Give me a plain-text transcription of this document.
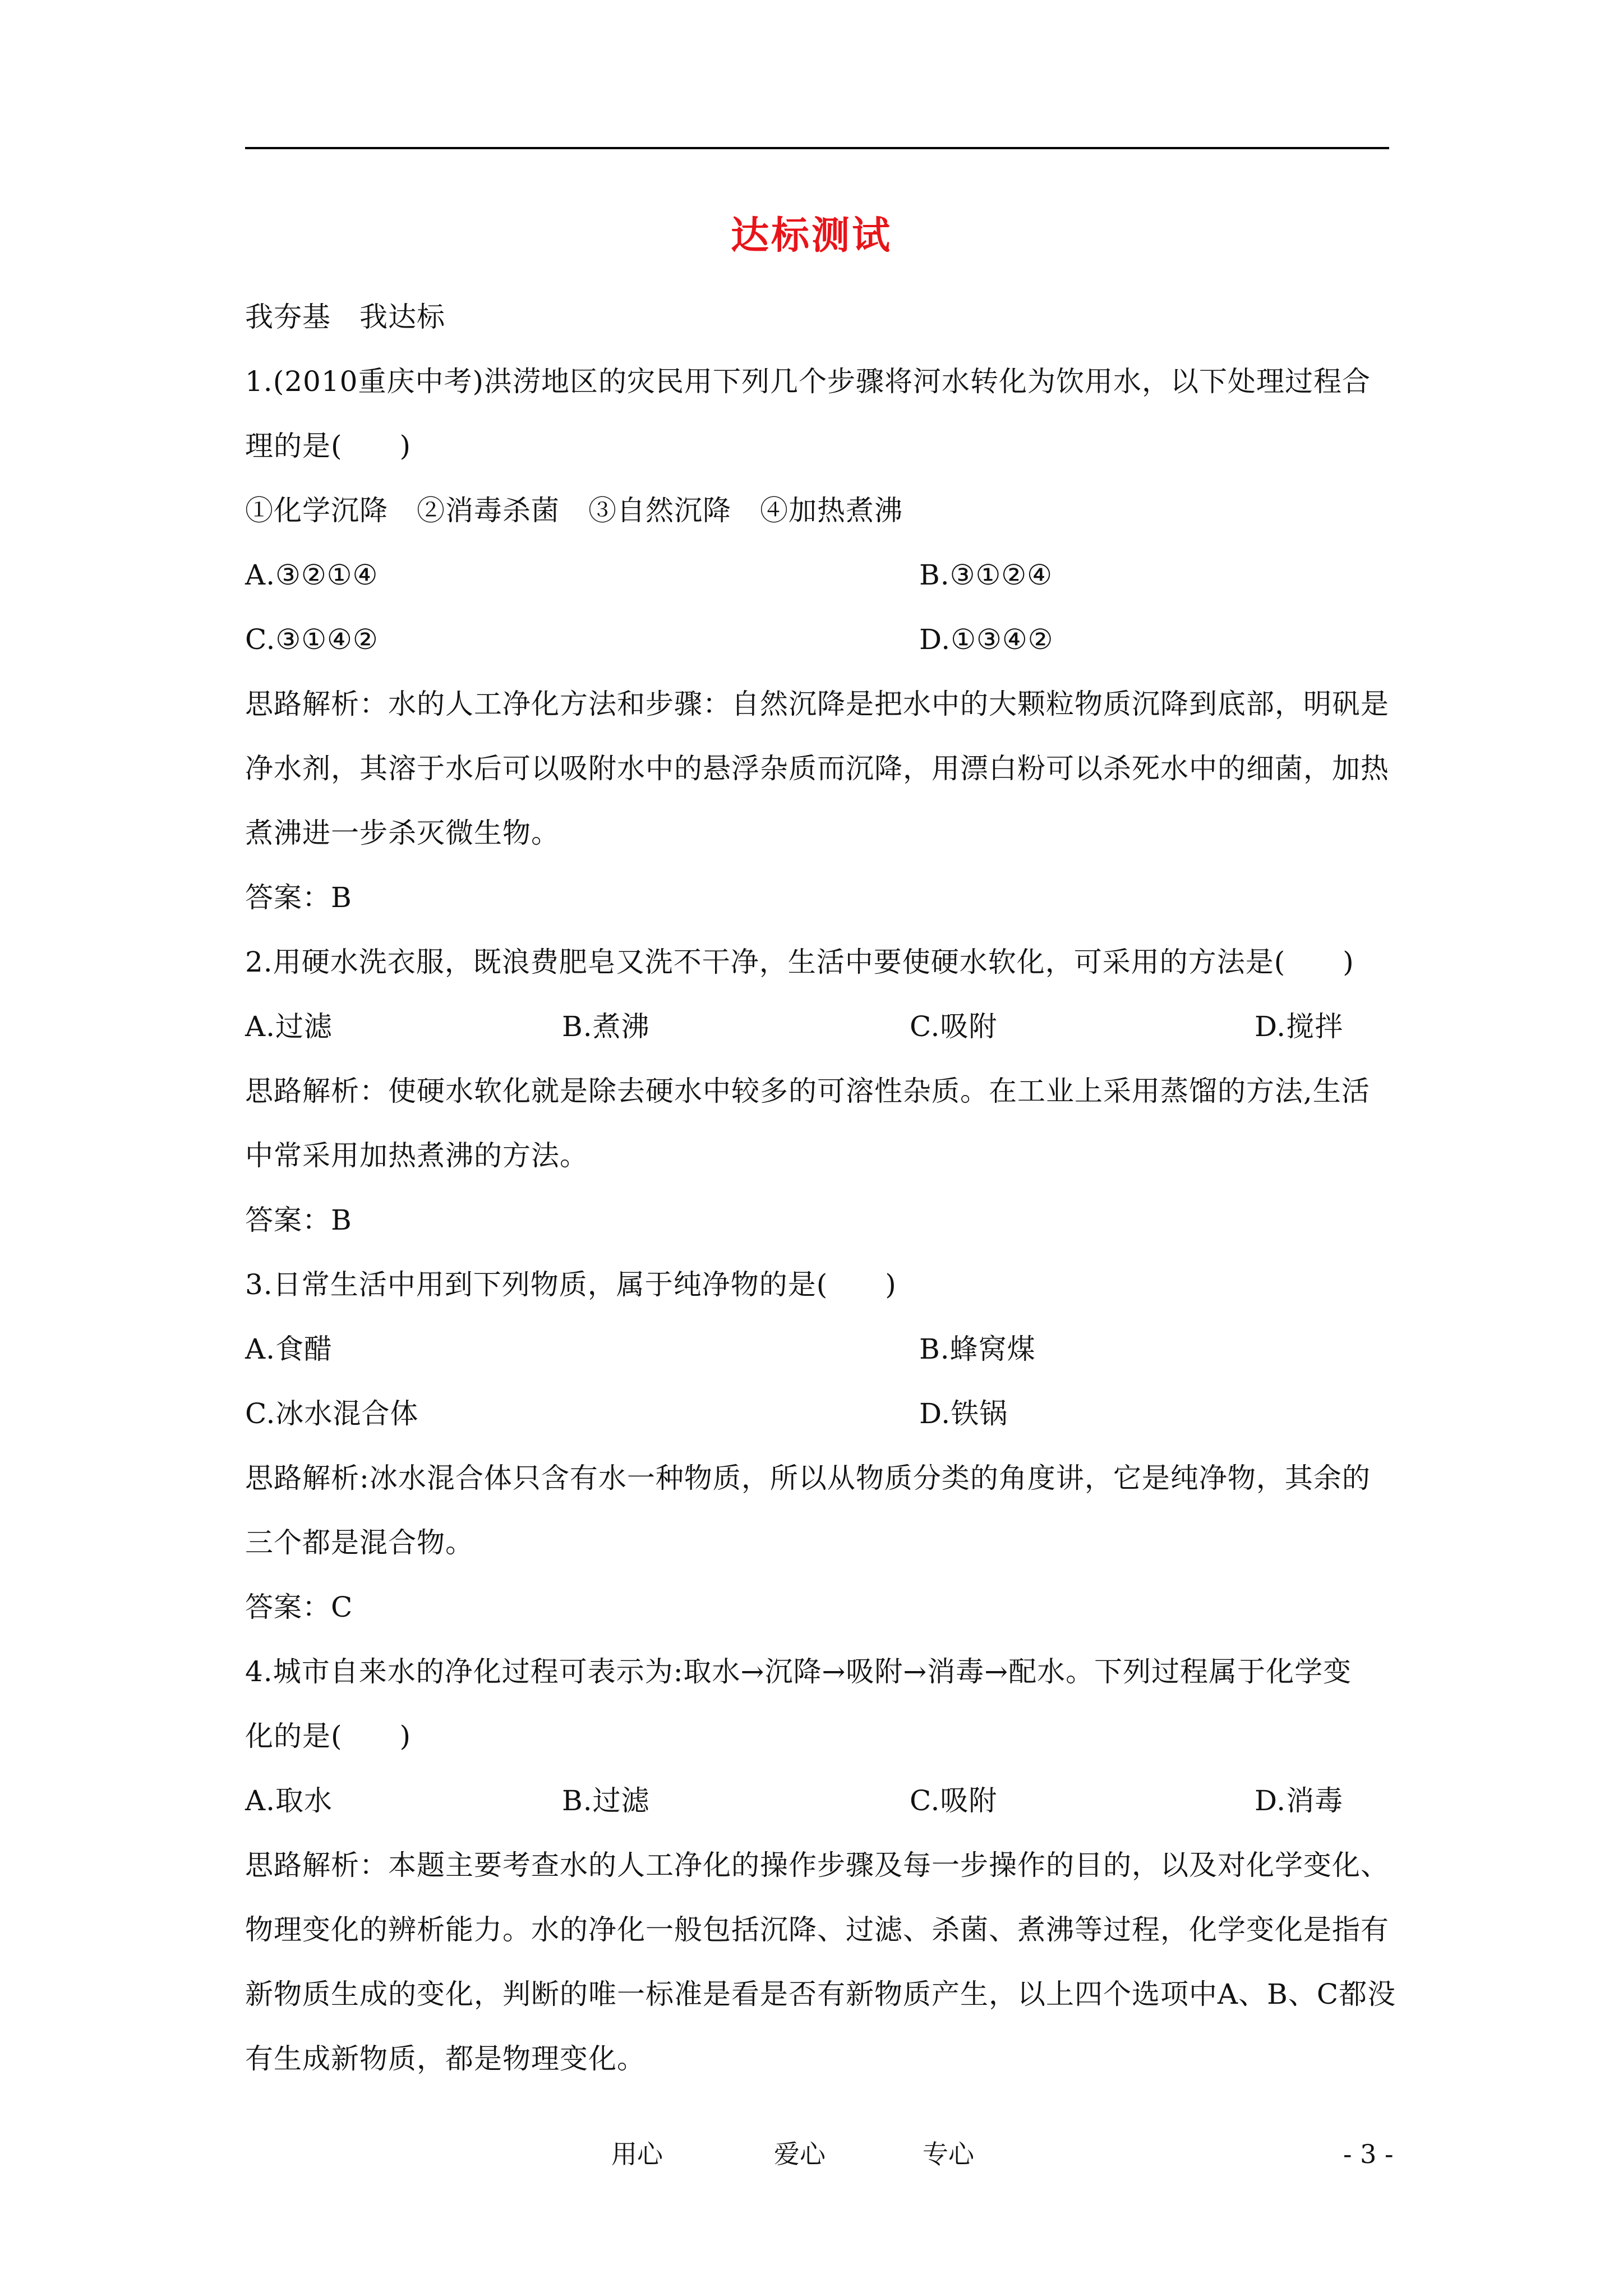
达标测试
我夯基　我达标
1.(2010重庆中考)洪涝地区的灾民用下列几个步骤将河水转化为饮用水，以下处理过程合
理的是(　　)
①化学沉降　②消毒杀菌　③自然沉降　④加热煮沸
A.③②①④	B.③①②④
C.③①④②	D.①③④②
思路解析：水的人工净化方法和步骤：自然沉降是把水中的大颗粒物质沉降到底部，明矾是
净水剂，其溶于水后可以吸附水中的悬浮杂质而沉降，用漂白粉可以杀死水中的细菌，加热
煮沸进一步杀灭微生物。
答案：B
2.用硬水洗衣服，既浪费肥皂又洗不干净，生活中要使硬水软化，可采用的方法是(　　)
A.过滤	B.煮沸	C.吸附	D.搅拌
思路解析：使硬水软化就是除去硬水中较多的可溶性杂质。在工业上采用蒸馏的方法,生活
中常采用加热煮沸的方法。
答案：B
3.日常生活中用到下列物质，属于纯净物的是(　　)
A.食醋	B.蜂窝煤
C.冰水混合体	D.铁锅
思路解析:冰水混合体只含有水一种物质，所以从物质分类的角度讲，它是纯净物，其余的
三个都是混合物。
答案：C
4.城市自来水的净化过程可表示为:取水→沉降→吸附→消毒→配水。下列过程属于化学变
化的是(　　)
A.取水	B.过滤	C.吸附	D.消毒
思路解析：本题主要考查水的人工净化的操作步骤及每一步操作的目的，以及对化学变化、
物理变化的辨析能力。水的净化一般包括沉降、过滤、杀菌、煮沸等过程，化学变化是指有
新物质生成的变化，判断的唯一标准是看是否有新物质产生，以上四个选项中A、B、C都没
有生成新物质，都是物理变化。
用心	爱心	专心	- 3 -
